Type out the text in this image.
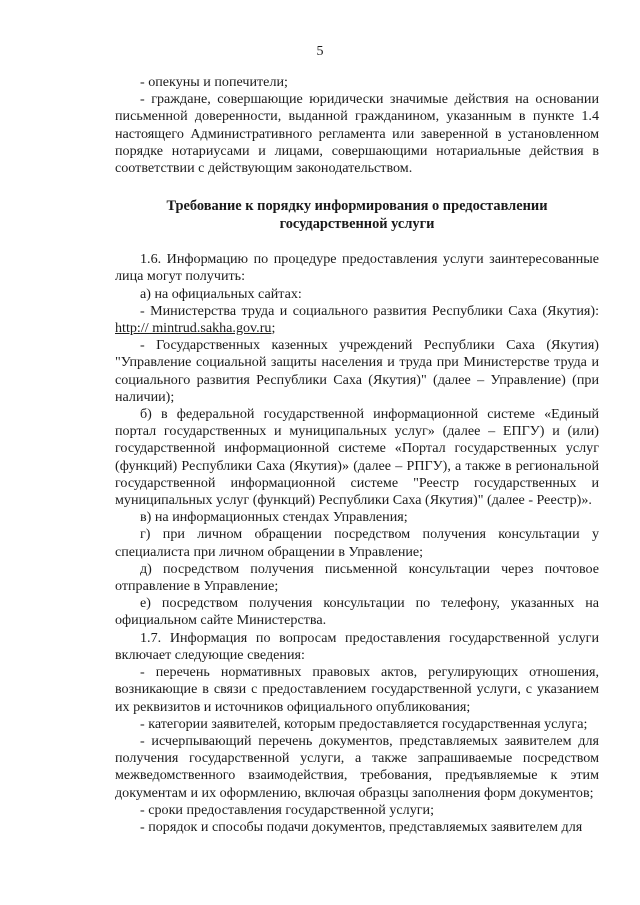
5

- опекуны и попечители;

- граждане, совершающие юридически значимые действия на основании письменной доверенности, выданной гражданином, указанным в пункте 1.4 настоящего Административного регламента или заверенной в установленном порядке нотариусами и лицами, совершающими нотариальные действия в соответствии с действующим законодательством.

Требование к порядку информирования о предоставлении
государственной услуги

1.6. Информацию по процедуре предоставления услуги заинтересованные лица могут получить:

а) на официальных сайтах:

- Министерства труда и социального развития Республики Саха (Якутия): http:// mintrud.sakha.gov.ru;

- Государственных казенных учреждений Республики Саха (Якутия) "Управление социальной защиты населения и труда при Министерстве труда и социального развития Республики Саха (Якутия)" (далее – Управление) (при наличии);

б) в федеральной государственной информационной системе «Единый портал государственных и муниципальных услуг» (далее – ЕПГУ) и (или) государственной информационной системе «Портал государственных услуг (функций) Республики Саха (Якутия)» (далее – РПГУ), а также в региональной государственной информационной системе "Реестр государственных и муниципальных услуг (функций) Республики Саха (Якутия)" (далее - Реестр)».

в) на информационных стендах Управления;

г) при личном обращении посредством получения консультации у специалиста при личном обращении в Управление;

д) посредством получения письменной консультации через почтовое отправление в Управление;

е) посредством получения консультации по телефону, указанных на официальном сайте Министерства.

1.7. Информация по вопросам предоставления государственной услуги включает следующие сведения:

- перечень нормативных правовых актов, регулирующих отношения, возникающие в связи с предоставлением государственной услуги, с указанием их реквизитов и источников официального опубликования;

- категории заявителей, которым предоставляется государственная услуга;

- исчерпывающий перечень документов, представляемых заявителем для получения государственной услуги, а также запрашиваемые посредством межведомственного взаимодействия, требования, предъявляемые к этим документам и их оформлению, включая образцы заполнения форм документов;

- сроки предоставления государственной услуги;

- порядок и способы подачи документов, представляемых заявителем для
